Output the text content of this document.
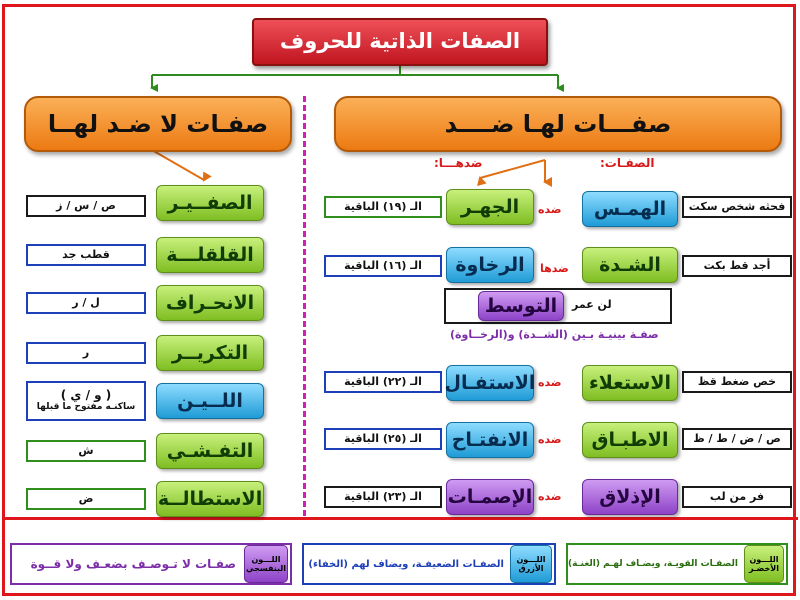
الصفات الذاتية للحروف
صفـــات لهـا ضــــد
صفـات لا ضـد لهــا
الصفـات:
ضدهـــا:
فحثه شخص سكت
الهمـس
ضده
الجهـر
الـ (١٩) الباقية
أجد قط بكت
الشـدة
ضدها
الرخاوة
الـ (١٦) الباقية
لن عمر
التوسط
صفـة بينيـة بـين (الشــدة) و(الرخــاوة)
خص ضغط قظ
الاستعلاء
ضده
الاستفـال
الـ (٢٢) الباقية
ص / ض / ط / ظ
الاطبـاق
ضده
الانفتـاح
الـ (٢٥) الباقية
فر من لب
الإذلاق
ضده
الإصمـات
الـ (٢٣) الباقية
الصفــيـر
ص / س / ز
القلقلـــة
قطب جد
الانحـراف
ل / ر
التكريــر
ر
اللــيـن
( و / ي )
ساكنـه مفتوح ما قبلها
التفـشـي
ش
الاستطالــة
ض
اللـــون الأخضـر
الصفـات القويـة، ويضـاف لهـم (الغنـة)
اللـــون الأزرق
الصفـات الضعيفـة، ويضاف لهم (الخفاء)
اللـــون البنفسجي
صفـات لا تـوصـف بضعـف ولا قــوة
